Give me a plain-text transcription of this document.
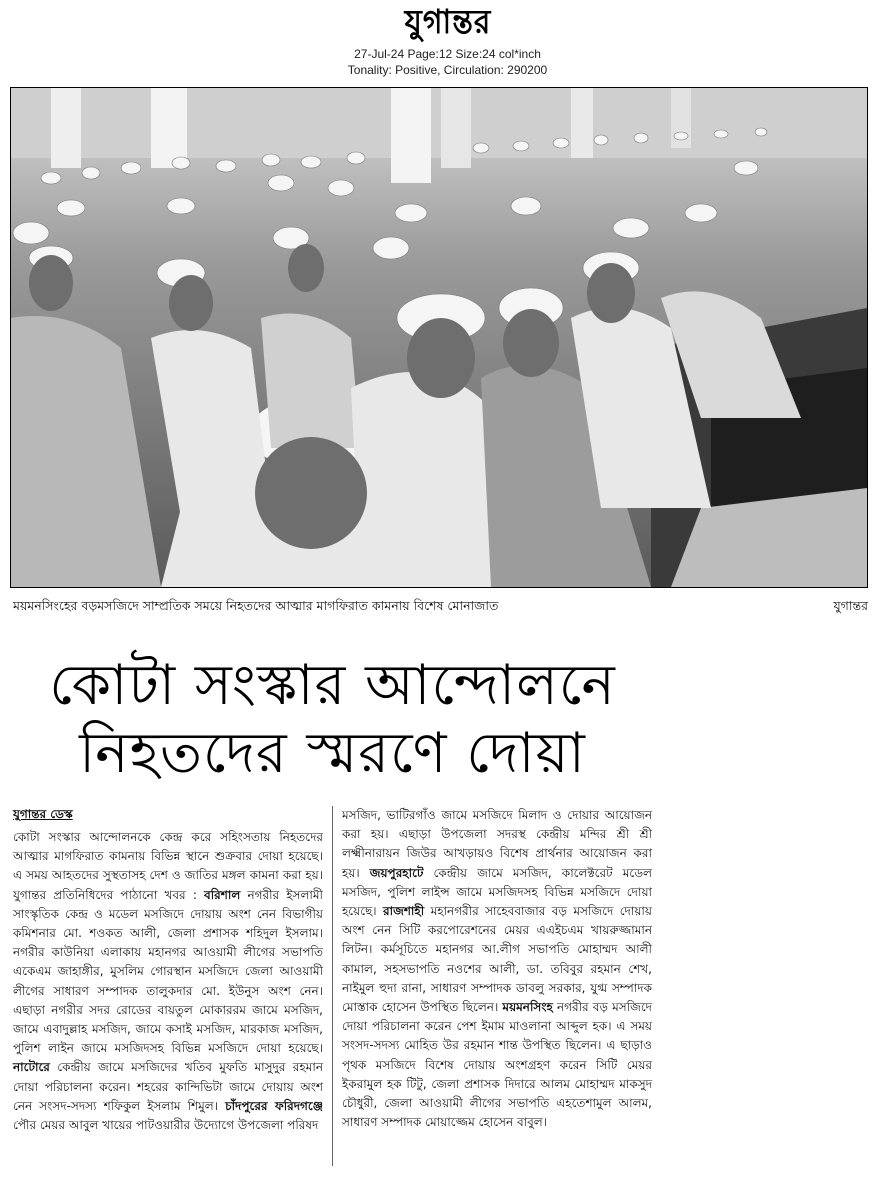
যুগান্তর
27-Jul-24 Page:12 Size:24 col*inch
Tonality: Positive, Circulation: 290200
ময়মনসিংহের বড়মসজিদে সাম্প্রতিক সময়ে নিহতদের আত্মার মাগফিরাত কামনায় বিশেষ মোনাজাত	যুগান্তর
কোটা সংস্কার আন্দোলনে
নিহতদের স্মরণে দোয়া
যুগান্তর ডেস্ক

কোটা সংস্কার আন্দোলনকে কেন্দ্র করে সহিংসতায় নিহতদের আত্মার মাগফিরাত কামনায় বিভিন্ন স্থানে শুক্রবার দোয়া হয়েছে। এ সময় আহতদের সুস্থতাসহ দেশ ও জাতির মঙ্গল কামনা করা হয়। যুগান্তর প্রতিনিধিদের পাঠানো খবর : বরিশাল নগরীর ইসলামী সাংস্কৃতিক কেন্দ্র ও মডেল মসজিদে দোয়ায় অংশ নেন বিভাগীয় কমিশনার মো. শওকত আলী, জেলা প্রশাসক শহিদুল ইসলাম। নগরীর কাউনিয়া এলাকায় মহানগর আওয়ামী লীগের সভাপতি একেএম জাহাঙ্গীর, মুসলিম গোরস্থান মসজিদে জেলা আওয়ামী লীগের সাধারণ সম্পাদক তালুকদার মো. ইউনুস অংশ নেন। এছাড়া নগরীর সদর রোডের বায়তুল মোকাররম জামে মসজিদ, জামে এবাদুল্লাহ মসজিদ, জামে কসাই মসজিদ, মারকাজ মসজিদ, পুলিশ লাইন জামে মসজিদসহ বিভিন্ন মসজিদে দোয়া হয়েছে। নাটোরে কেন্দ্রীয় জামে মসজিদের খতিব মুফতি মাসুদুর রহমান দোয়া পরিচালনা করেন। শহরের কান্দিভিটা জামে দোয়ায় অংশ নেন সংসদ-সদস্য শফিকুল ইসলাম শিমুল। চাঁদপুরের ফরিদগঞ্জে পৌর মেয়র আবুল খায়ের পাটওয়ারীর উদ্যোগে উপজেলা পরিষদ

মসজিদ, ভাটিরগাঁও জামে মসজিদে মিলাদ ও দোয়ার আয়োজন করা হয়। এছাড়া উপজেলা সদরস্থ কেন্দ্রীয় মন্দির শ্রী শ্রী লক্ষ্মীনারায়ন জিউর আখড়ায়ও বিশেষ প্রার্থনার আয়োজন করা হয়। জয়পুরহাটে কেন্দ্রীয় জামে মসজিদ, কালেক্টরেট মডেল মসজিদ, পুলিশ লাইন্স জামে মসজিদসহ বিভিন্ন মসজিদে দোয়া হয়েছে। রাজশাহী মহানগরীর সাহেববাজার বড় মসজিদে দোয়ায় অংশ নেন সিটি করপোরেশনের মেয়র এএইচএম খায়রুজ্জামান লিটন। কর্মসূচিতে মহানগর আ.লীগ সভাপতি মোহাম্মদ আলী কামাল, সহসভাপতি নওশের আলী, ডা. তবিবুর রহমান শেখ, নাইমুল হুদা রানা, সাধারণ সম্পাদক ডাবলু সরকার, যুগ্ম সম্পাদক মোস্তাক হোসেন উপস্থিত ছিলেন। ময়মনসিংহ নগরীর বড় মসজিদে দোয়া পরিচালনা করেন পেশ ইমাম মাওলানা আব্দুল হক। এ সময় সংসদ-সদস্য মোহিত উর রহমান শান্ত উপস্থিত ছিলেন। এ ছাড়াও পৃথক মসজিদে বিশেষ দোয়ায় অংশগ্রহণ করেন সিটি মেয়র ইকরামুল হক টিটু, জেলা প্রশাসক দিদারে আলম মোহাম্মদ মাকসুদ চৌধুরী, জেলা আওয়ামী লীগের সভাপতি এহতেশামুল আলম, সাধারণ সম্পাদক মোয়াজ্জেম হোসেন বাবুল।
